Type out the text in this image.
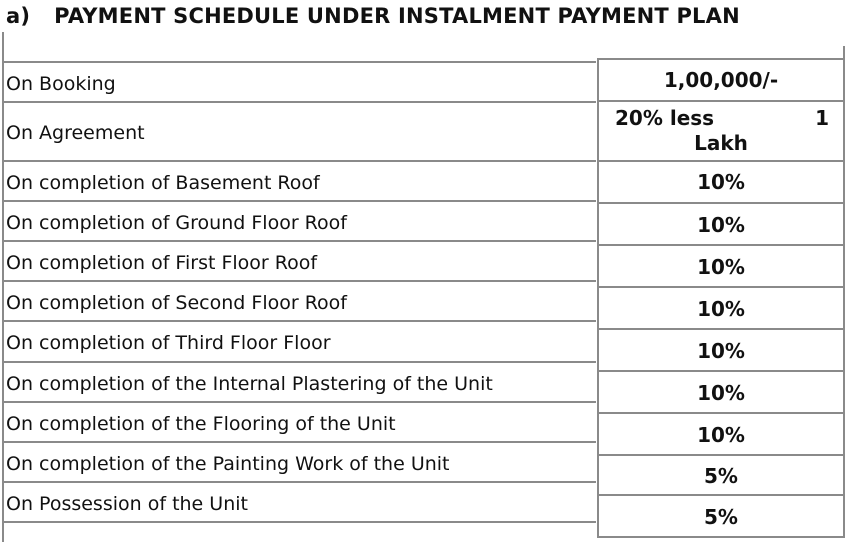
a) PAYMENT SCHEDULE UNDER INSTALMENT PAYMENT PLAN
On Booking
On Agreement
On completion of Basement Roof
On completion of Ground Floor Roof
On completion of First Floor Roof
On completion of Second Floor Roof
On completion of Third Floor Floor
On completion of the Internal Plastering of the Unit
On completion of the Flooring of the Unit
On completion of the Painting Work of the Unit
On Possession of the Unit
1,00,000/-
20% less	1
Lakh
10%
10%
10%
10%
10%
10%
10%
5%
5%
